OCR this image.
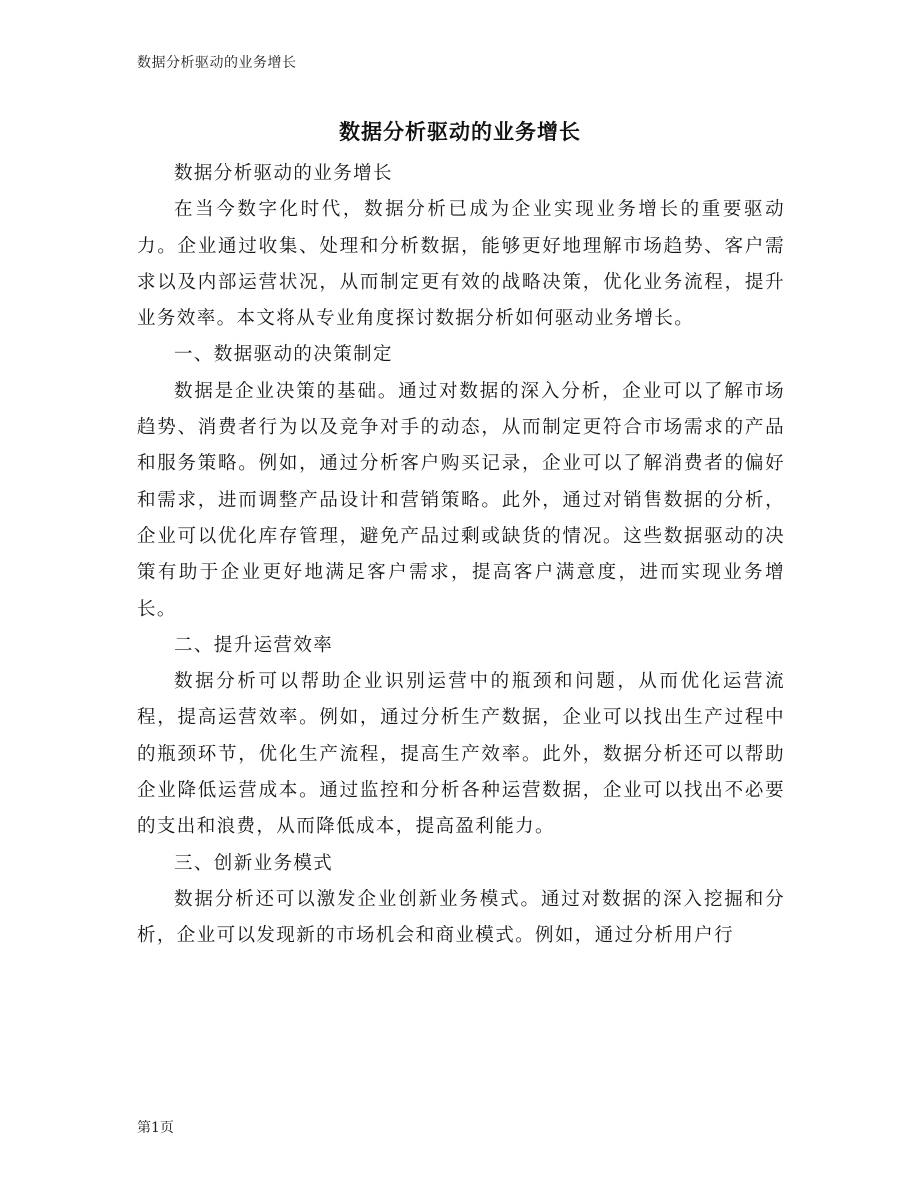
数据分析驱动的业务增长
数据分析驱动的业务增长

数据分析驱动的业务增长

在当今数字化时代，数据分析已成为企业实现业务增长的重要驱动力。企业通过收集、处理和分析数据，能够更好地理解市场趋势、客户需求以及内部运营状况，从而制定更有效的战略决策，优化业务流程，提升业务效率。本文将从专业角度探讨数据分析如何驱动业务增长。

一、数据驱动的决策制定

数据是企业决策的基础。通过对数据的深入分析，企业可以了解市场趋势、消费者行为以及竞争对手的动态，从而制定更符合市场需求的产品和服务策略。例如，通过分析客户购买记录，企业可以了解消费者的偏好和需求，进而调整产品设计和营销策略。此外，通过对销售数据的分析，企业可以优化库存管理，避免产品过剩或缺货的情况。这些数据驱动的决策有助于企业更好地满足客户需求，提高客户满意度，进而实现业务增长。

二、提升运营效率

数据分析可以帮助企业识别运营中的瓶颈和问题，从而优化运营流程，提高运营效率。例如，通过分析生产数据，企业可以找出生产过程中的瓶颈环节，优化生产流程，提高生产效率。此外，数据分析还可以帮助企业降低运营成本。通过监控和分析各种运营数据，企业可以找出不必要的支出和浪费，从而降低成本，提高盈利能力。

三、创新业务模式

数据分析还可以激发企业创新业务模式。通过对数据的深入挖掘和分析，企业可以发现新的市场机会和商业模式。例如，通过分析用户行

第1页
